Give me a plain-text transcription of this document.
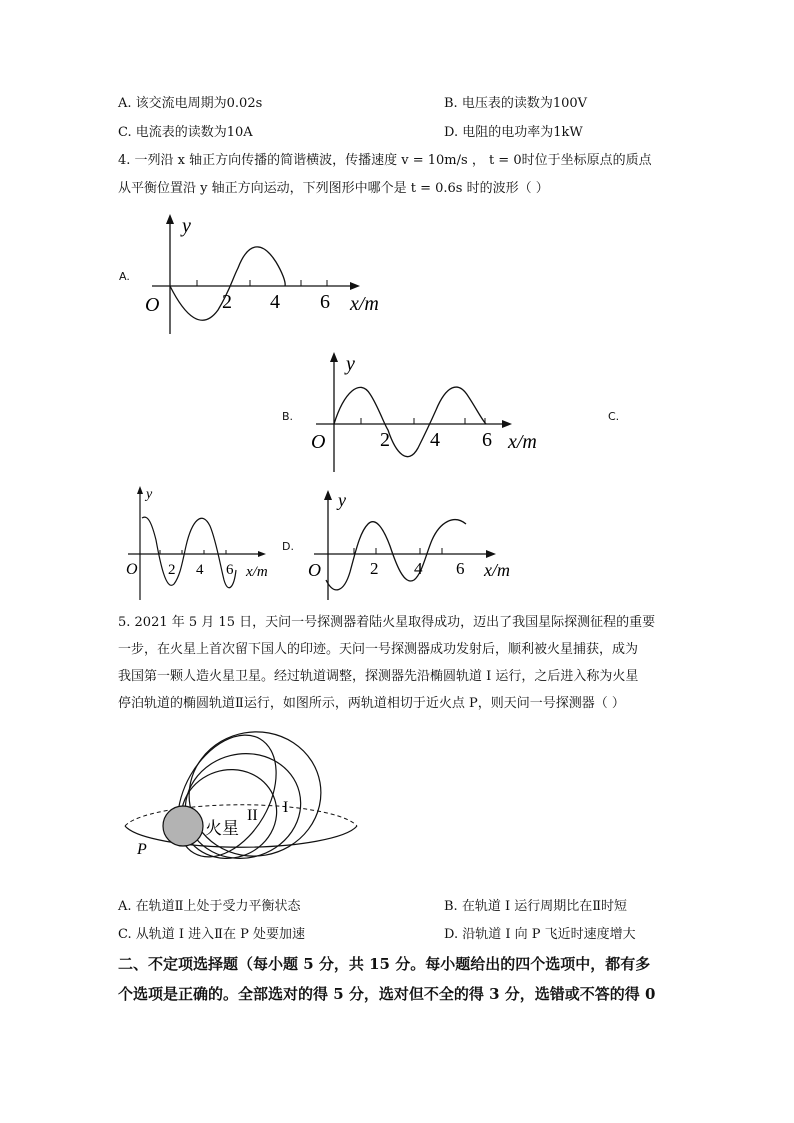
A. 该交流电周期为0.02s	B. 电压表的读数为100V
C. 电流表的读数为10A	D. 电阻的电功率为1kW
4. 一列沿 x 轴正方向传播的简谐横波，传播速度 v = 10m/s ， t = 0时位于坐标原点的质点
从平衡位置沿 y 轴正方向运动，下列图形中哪个是 t = 0.6s 时的波形（ ）
A.
y
O	2 4 6 x/m
B.
y
O	2 4 6 x/m
C.
y
O 2 4 6 x/m
D.
y
O	2 4 6 x/m
5. 2021 年 5 月 15 日，天问一号探测器着陆火星取得成功，迈出了我国星际探测征程的重要
一步，在火星上首次留下国人的印迹。天问一号探测器成功发射后，顺利被火星捕获，成为
我国第一颗人造火星卫星。经过轨道调整，探测器先沿椭圆轨道 I 运行，之后进入称为火星
停泊轨道的椭圆轨道Ⅱ运行，如图所示，两轨道相切于近火点 P，则天问一号探测器（ ）
火星
II I
P
A. 在轨道Ⅱ上处于受力平衡状态	B. 在轨道 I 运行周期比在Ⅱ时短
C. 从轨道 I 进入Ⅱ在 P 处要加速	D. 沿轨道 I 向 P 飞近时速度增大
二、不定项选择题（每小题 5 分，共 15 分。每小题给出的四个选项中，都有多
个选项是正确的。全部选对的得 5 分，选对但不全的得 3 分，选错或不答的得 0
